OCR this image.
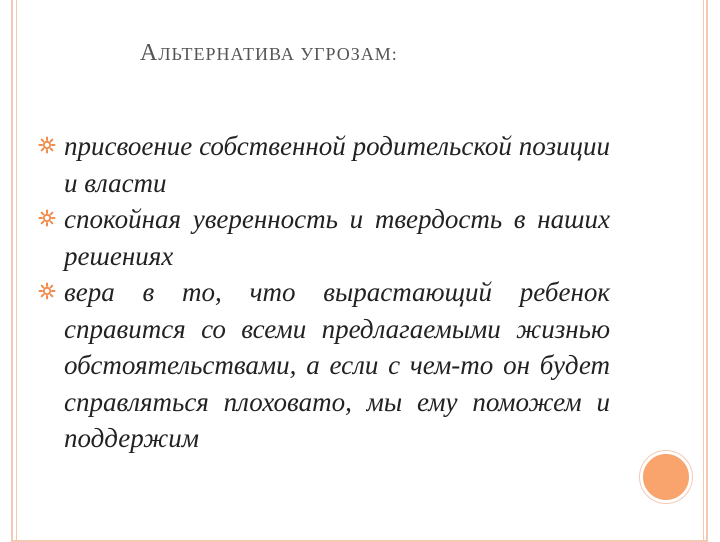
АЛЬТЕРНАТИВА УГРОЗАМ:
присвоение собственной родительской позиции и власти
спокойная уверенность и твердость в наших решениях
вера в то, что вырастающий ребенок справится со всеми предлагаемыми жизнью обстоятельствами, а если с чем-то он будет справляться плоховато, мы ему поможем и поддержим
